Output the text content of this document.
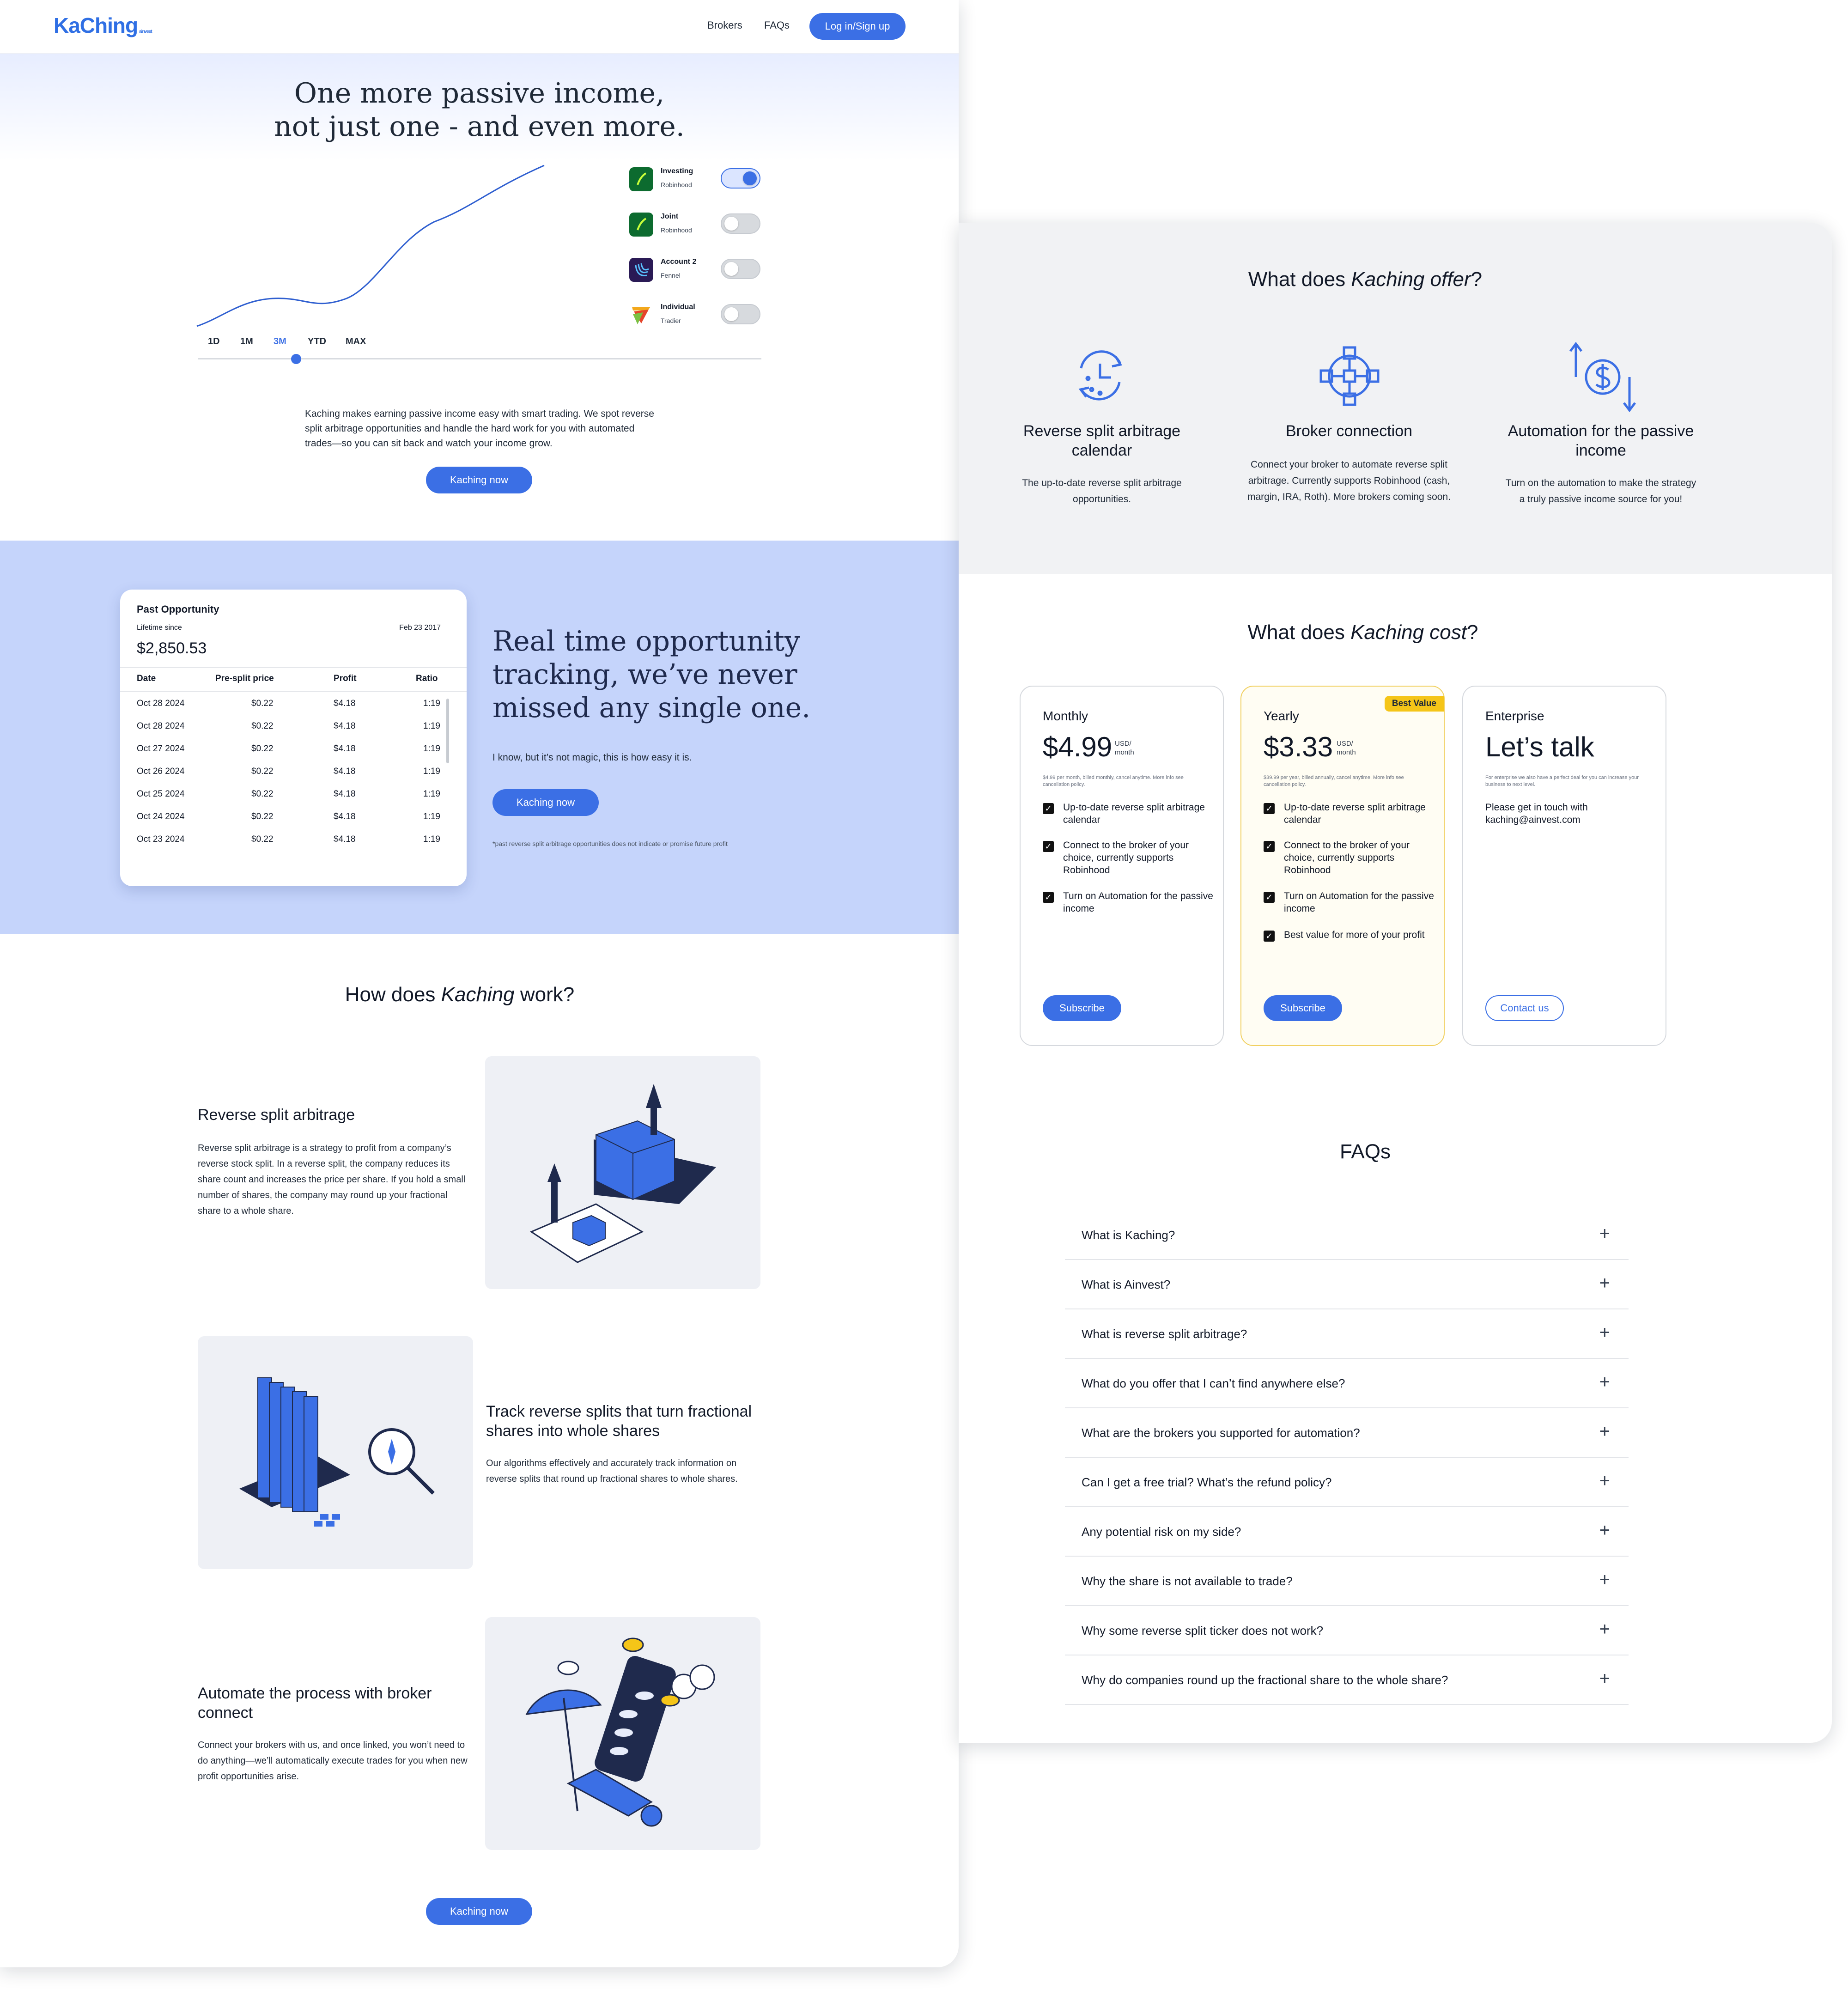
KaChing ainvest
Brokers FAQs	Log in/Sign up
One more passive income,
not just one - and even more.
1D 1M 3M YTD MAX
Investing
Robinhood
Joint
Robinhood
Account 2
Fennel
Individual
Tradier
Kaching makes earning passive income easy with smart trading. We spot reverse split arbitrage opportunities and handle the hard work for you with automated trades—so you can sit back and watch your income grow.
Kaching now
Past Opportunity
Lifetime since	Feb 23 2017
$2,850.53
Date	Pre-split price	Profit	Ratio
Oct 28 2024	$0.22	$4.18	1:19
Oct 28 2024	$0.22	$4.18	1:19
Oct 27 2024	$0.22	$4.18	1:19
Oct 26 2024	$0.22	$4.18	1:19
Oct 25 2024	$0.22	$4.18	1:19
Oct 24 2024	$0.22	$4.18	1:19
Oct 23 2024	$0.22	$4.18	1:19
Real time opportunity
tracking, we’ve never
missed any single one.
I know, but it’s not magic, this is how easy it is.
Kaching now
*past reverse split arbitrage opportunities does not indicate or promise future profit
How does Kaching work?
Reverse split arbitrage
Reverse split arbitrage is a strategy to profit from a company’s reverse stock split. In a reverse split, the company reduces its share count and increases the price per share. If you hold a small number of shares, the company may round up your fractional share to a whole share.
Track reverse splits that turn fractional shares into whole shares
Our algorithms effectively and accurately track information on reverse splits that round up fractional shares to whole shares.
Automate the process with broker connect
Connect your brokers with us, and once linked, you won’t need to do anything—we’ll automatically execute trades for you when new profit opportunities arise.
Kaching now
What does Kaching offer?
Reverse split arbitrage calendar
The up-to-date reverse split arbitrage opportunities.
Broker connection
Connect your broker to automate reverse split arbitrage. Currently supports Robinhood (cash, margin, IRA, Roth). More brokers coming soon.
Automation for the passive income
Turn on the automation to make the strategy a truly passive income source for you!
What does Kaching cost?
Monthly
$4.99 USD/
month
$4.99 per month, billed monthly, cancel anytime. More info see cancellation policy.
✓ Up-to-date reverse split arbitrage calendar
✓ Connect to the broker of your choice, currently supports Robinhood
✓ Turn on Automation for the passive income
Subscribe
Best Value
Yearly
$3.33 USD/
month
$39.99 per year, billed annually, cancel anytime. More info see cancellation policy.
✓ Up-to-date reverse split arbitrage calendar
✓ Connect to the broker of your choice, currently supports Robinhood
✓ Turn on Automation for the passive income
✓ Best value for more of your profit
Subscribe
Enterprise
Let’s talk
For enterprise we also have a perfect deal for you can increase your business to next level.
Please get in touch with kaching@ainvest.com
Contact us
FAQs
What is Kaching?	+
What is Ainvest?	+
What is reverse split arbitrage?	+
What do you offer that I can’t find anywhere else?	+
What are the brokers you supported for automation?	+
Can I get a free trial? What’s the refund policy?	+
Any potential risk on my side?	+
Why the share is not available to trade?	+
Why some reverse split ticker does not work?	+
Why do companies round up the fractional share to the whole share?	+
